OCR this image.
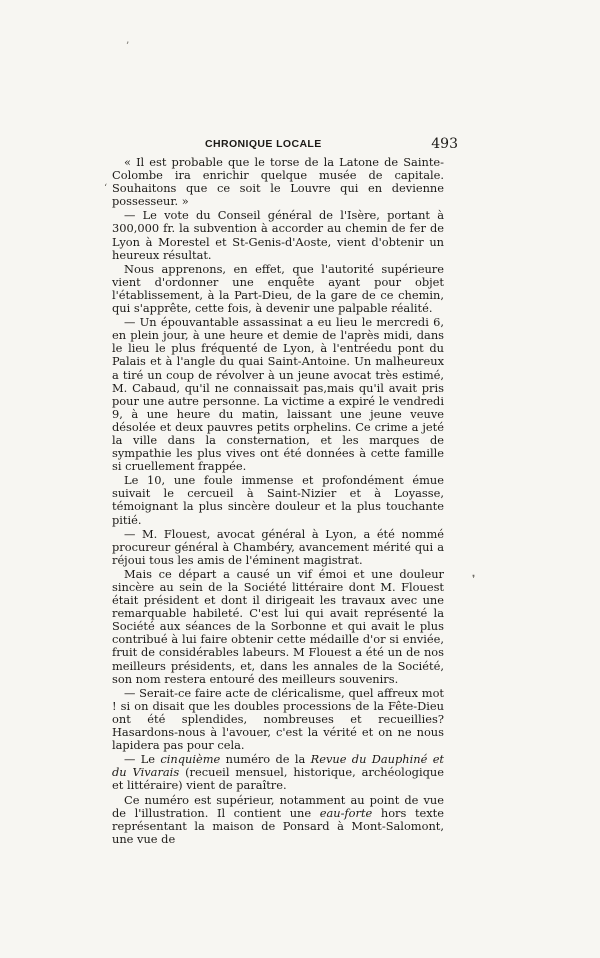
’
‘
❜
CHRONIQUE LOCALE	493

« Il est probable que le torse de la Latone de Sainte-Colombe ira enrichir quelque musée de capitale. Souhaitons que ce soit le Louvre qui en devienne possesseur. »

— Le vote du Conseil général de l'Isère, portant à 300,000 fr. la subvention à accorder au chemin de fer de Lyon à Morestel et St-Genis-d'Aoste, vient d'obtenir un heureux résultat.

Nous apprenons, en effet, que l'autorité supérieure vient d'ordonner une enquête ayant pour objet l'établissement, à la Part-Dieu, de la gare de ce chemin, qui s'apprête, cette fois, à devenir une palpable réalité.

— Un épouvantable assassinat a eu lieu le mercredi 6, en plein jour, à une heure et demie de l'après midi, dans le lieu le plus fréquenté de Lyon, à l'entréedu pont du Palais et à l'angle du quai Saint-Antoine. Un malheureux a tiré un coup de révolver à un jeune avocat très estimé, M. Cabaud, qu'il ne connaissait pas,mais qu'il avait pris pour une autre personne. La victime a expiré le vendredi 9, à une heure du matin, laissant une jeune veuve désolée et deux pauvres petits orphelins. Ce crime a jeté la ville dans la consternation, et les marques de sympathie les plus vives ont été données à cette famille si cruellement frappée.

Le 10, une foule immense et profondément émue suivait le cercueil à Saint-Nizier et à Loyasse, témoignant la plus sincère douleur et la plus touchante pitié.

— M. Flouest, avocat général à Lyon, a été nommé procureur général à Chambéry, avancement mérité qui a réjoui tous les amis de l'éminent magistrat.

Mais ce départ a causé un vif émoi et une douleur sincère au sein de la Société littéraire dont M. Flouest était président et dont il dirigeait les travaux avec une remarquable habileté. C'est lui qui avait représenté la Société aux séances de la Sorbonne et qui avait le plus contribué à lui faire obtenir cette médaille d'or si enviée, fruit de considérables labeurs. M Flouest a été un de nos meilleurs présidents, et, dans les annales de la Société, son nom restera entouré des meilleurs souvenirs.

— Serait-ce faire acte de cléricalisme, quel affreux mot ! si on disait que les doubles processions de la Fête-Dieu ont été splendides, nombreuses et recueillies? Hasardons-nous à l'avouer, c'est la vérité et on ne nous lapidera pas pour cela.

— Le cinquième numéro de la Revue du Dauphiné et du Vivarais (recueil mensuel, historique, archéologique et littéraire) vient de paraître.

Ce numéro est supérieur, notamment au point de vue de l'illustration. Il contient une eau-forte hors texte représentant la maison de Ponsard à Mont-Salomont, une vue de
